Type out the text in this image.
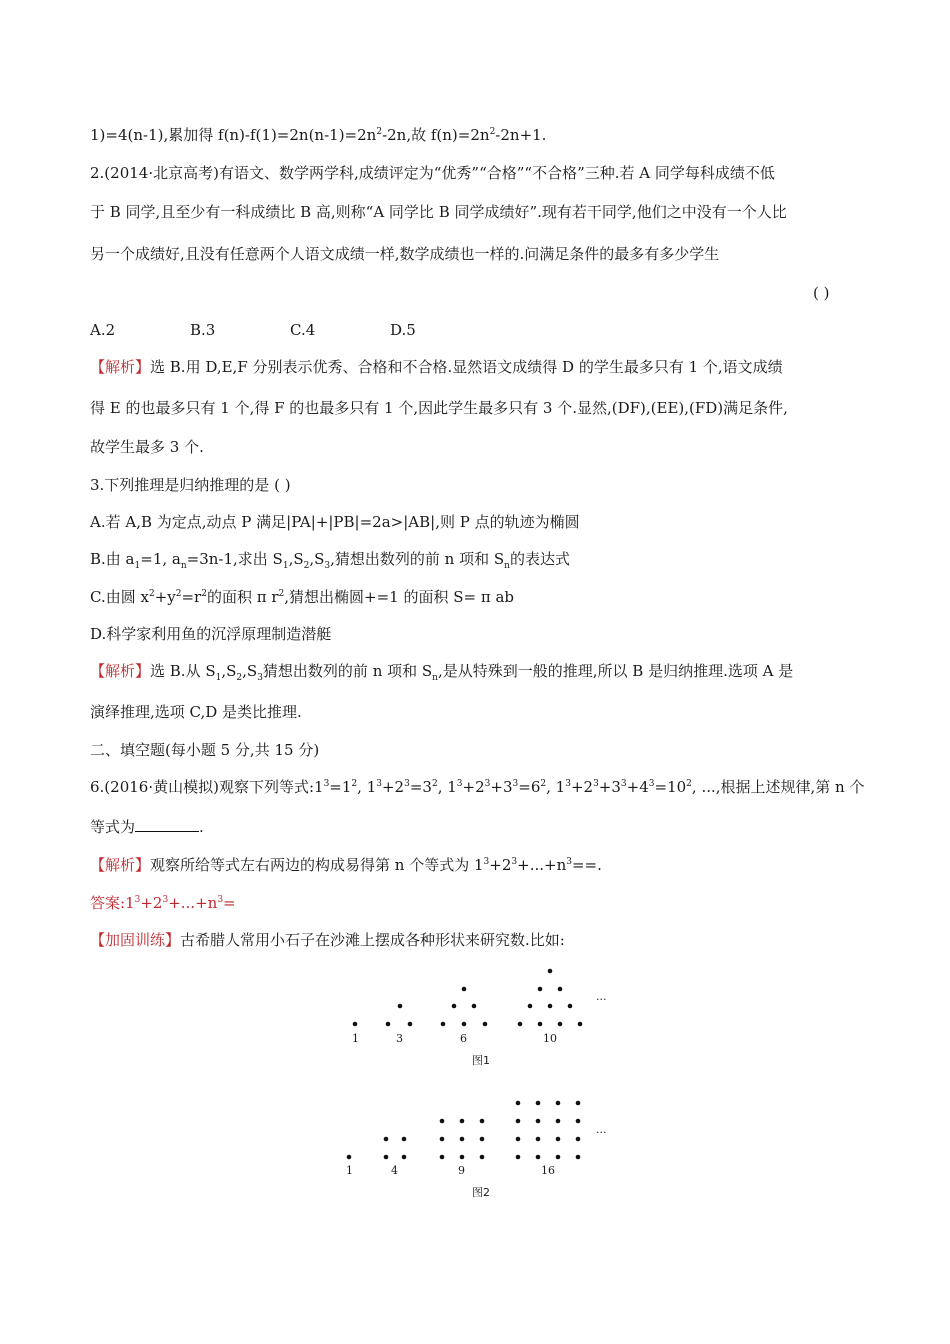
1)=4(n-1),累加得 $f(n)-f(1)=2n(n-1)=2n^2-2n$,故 $f(n)=2n^2-2n+1$.
2.(2014·北京高考)有语文、数学两学科,成绩评定为“优秀”“合格”“不合格”三种.若 A 同学每科成绩不低
于 B 同学,且至少有一科成绩比 B 高,则称“A 同学比 B 同学成绩好”.现有若干同学,他们之中没有一个人比
另一个成绩好,且没有任意两个人语文成绩一样,数学成绩也一样的.问满足条件的最多有多少学生
( )
A.2	B.3	C.4	D.5
【解析】选 B.用 D,E,F 分别表示优秀、合格和不合格.显然语文成绩得 D 的学生最多只有 1 个,语文成绩
得 E 的也最多只有 1 个,得 F 的也最多只有 1 个,因此学生最多只有 3 个.显然,(DF),(EE),(FD)满足条件,
故学生最多 3 个.
3.下列推理是归纳推理的是 ( )
A.若 A,B 为定点,动点 P 满足|PA|+|PB|=2a>|AB|,则 P 点的轨迹为椭圆
B.由 $a_1=1$, $a_n=3n-1$,求出 $S_1,S_2,S_3$,猜想出数列的前 n 项和 $S_n$的表达式
C.由圆 $x^2+y^2=r^2$的面积 π $r^2$,猜想出椭圆+=1 的面积 S= π ab
D.科学家利用鱼的沉浮原理制造潜艇
【解析】选 B.从 $S_1,S_2,S_3$猜想出数列的前 n 项和 $S_n$,是从特殊到一般的推理,所以 B 是归纳推理.选项 A 是
演绎推理,选项 C,D 是类比推理.
二、填空题(每小题 5 分,共 15 分)
6.(2016·黄山模拟)观察下列等式$:1^3=1^2$, $1^3+2^3=3^2$, $1^3+2^3+3^3=6^2$, $1^3+2^3+3^3+4^3=10^2$, ...,根据上述规律,第 n 个
等式为	.
【解析】观察所给等式左右两边的构成易得第 n 个等式为 $1^3+2^3+...+n^3==$.
答案$:1^3+2^3+...+n^3=$
【加固训练】古希腊人常用小石子在沙滩上摆成各种形状来研究数.比如:
...
1	3	6	10
图1
...
1	4	9	16
图2
